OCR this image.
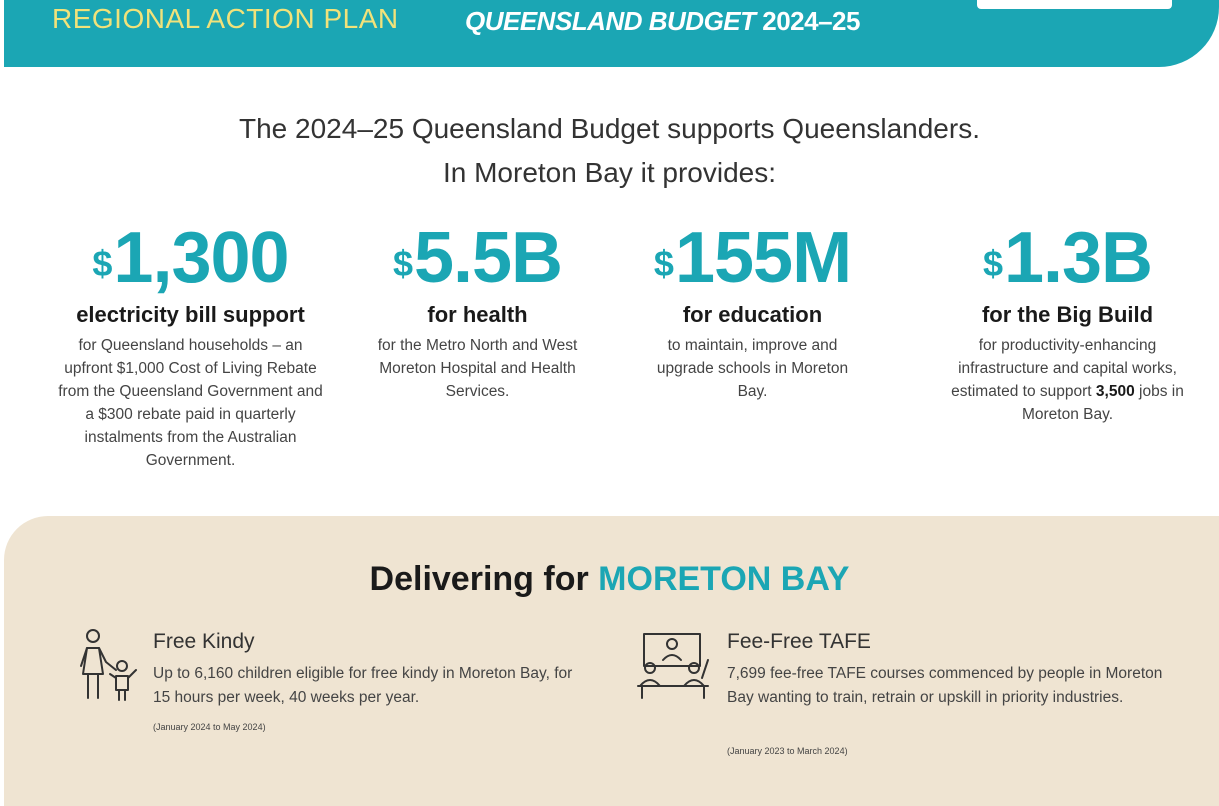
REGIONAL ACTION PLAN	QUEENSLAND BUDGET 2024–25
The 2024–25 Queensland Budget supports Queenslanders.
In Moreton Bay it provides:
$1,300
electricity bill support
for Queensland households – an upfront $1,000 Cost of Living Rebate from the Queensland Government and a $300 rebate paid in quarterly instalments from the Australian Government.
$5.5B
for health
for the Metro North and West Moreton Hospital and Health Services.
$155M
for education
to maintain, improve and upgrade schools in Moreton Bay.
$1.3B
for the Big Build
for productivity-enhancing infrastructure and capital works, estimated to support 3,500 jobs in Moreton Bay.
Delivering for MORETON BAY
Free Kindy
Up to 6,160 children eligible for free kindy in Moreton Bay, for 15 hours per week, 40 weeks per year.
(January 2024 to May 2024)
Fee-Free TAFE
7,699 fee-free TAFE courses commenced by people in Moreton Bay wanting to train, retrain or upskill in priority industries.
(January 2023 to March 2024)
